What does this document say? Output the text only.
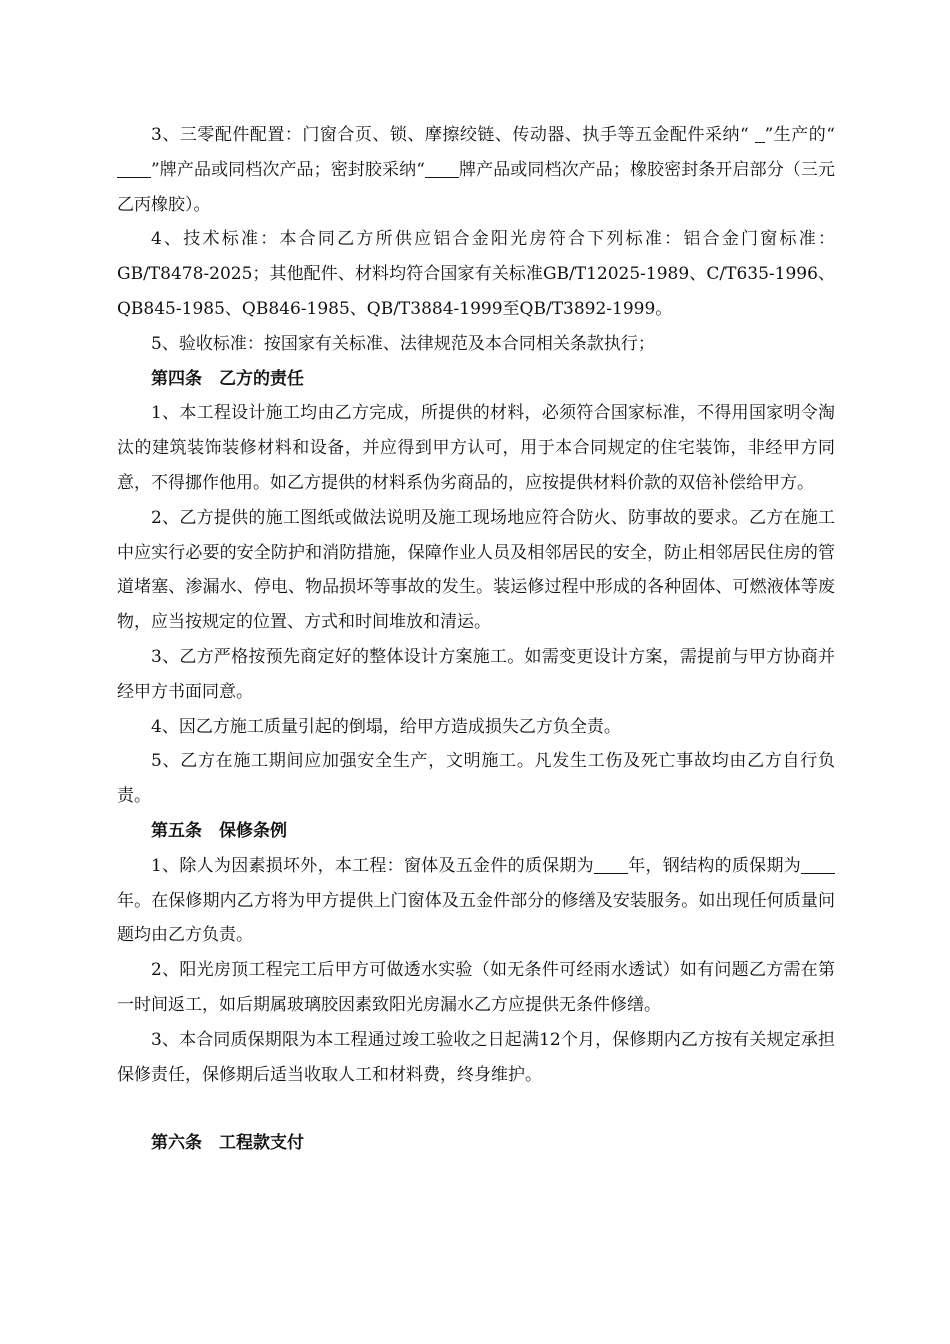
3、三零配件配置：门窗合页、锁、摩擦绞链、传动器、执手等五金配件采纳“ ”生产的“ ”牌产品或同档次产品；密封胶采纳“ 牌产品或同档次产品；橡胶密封条开启部分（三元乙丙橡胶）。

4、技术标准：本合同乙方所供应铝合金阳光房符合下列标准：铝合金门窗标准：GB/T8478-2025；其他配件、材料均符合国家有关标准GB/T12025-1989、C/T635-1996、QB845-1985、QB846-1985、QB/T3884-1999至QB/T3892-1999。

5、验收标准：按国家有关标准、法律规范及本合同相关条款执行；

第四条　乙方的责任

1、本工程设计施工均由乙方完成，所提供的材料，必须符合国家标准，不得用国家明令淘汰的建筑装饰装修材料和设备，并应得到甲方认可，用于本合同规定的住宅装饰，非经甲方同意，不得挪作他用。如乙方提供的材料系伪劣商品的，应按提供材料价款的双倍补偿给甲方。

2、乙方提供的施工图纸或做法说明及施工现场地应符合防火、防事故的要求。乙方在施工中应实行必要的安全防护和消防措施，保障作业人员及相邻居民的安全，防止相邻居民住房的管道堵塞、渗漏水、停电、物品损坏等事故的发生。装运修过程中形成的各种固体、可燃液体等废物，应当按规定的位置、方式和时间堆放和清运。

3、乙方严格按预先商定好的整体设计方案施工。如需变更设计方案，需提前与甲方协商并经甲方书面同意。

4、因乙方施工质量引起的倒塌，给甲方造成损失乙方负全责。

5、乙方在施工期间应加强安全生产，文明施工。凡发生工伤及死亡事故均由乙方自行负责。

第五条　保修条例

1、除人为因素损坏外，本工程：窗体及五金件的质保期为 年，钢结构的质保期为年。在保修期内乙方将为甲方提供上门窗体及五金件部分的修缮及安装服务。如出现任何质量问题均由乙方负责。

2、阳光房顶工程完工后甲方可做透水实验（如无条件可经雨水透试）如有问题乙方需在第一时间返工，如后期属玻璃胶因素致阳光房漏水乙方应提供无条件修缮。

3、本合同质保期限为本工程通过竣工验收之日起满12个月，保修期内乙方按有关规定承担保修责任，保修期后适当收取人工和材料费，终身维护。

第六条　工程款支付
